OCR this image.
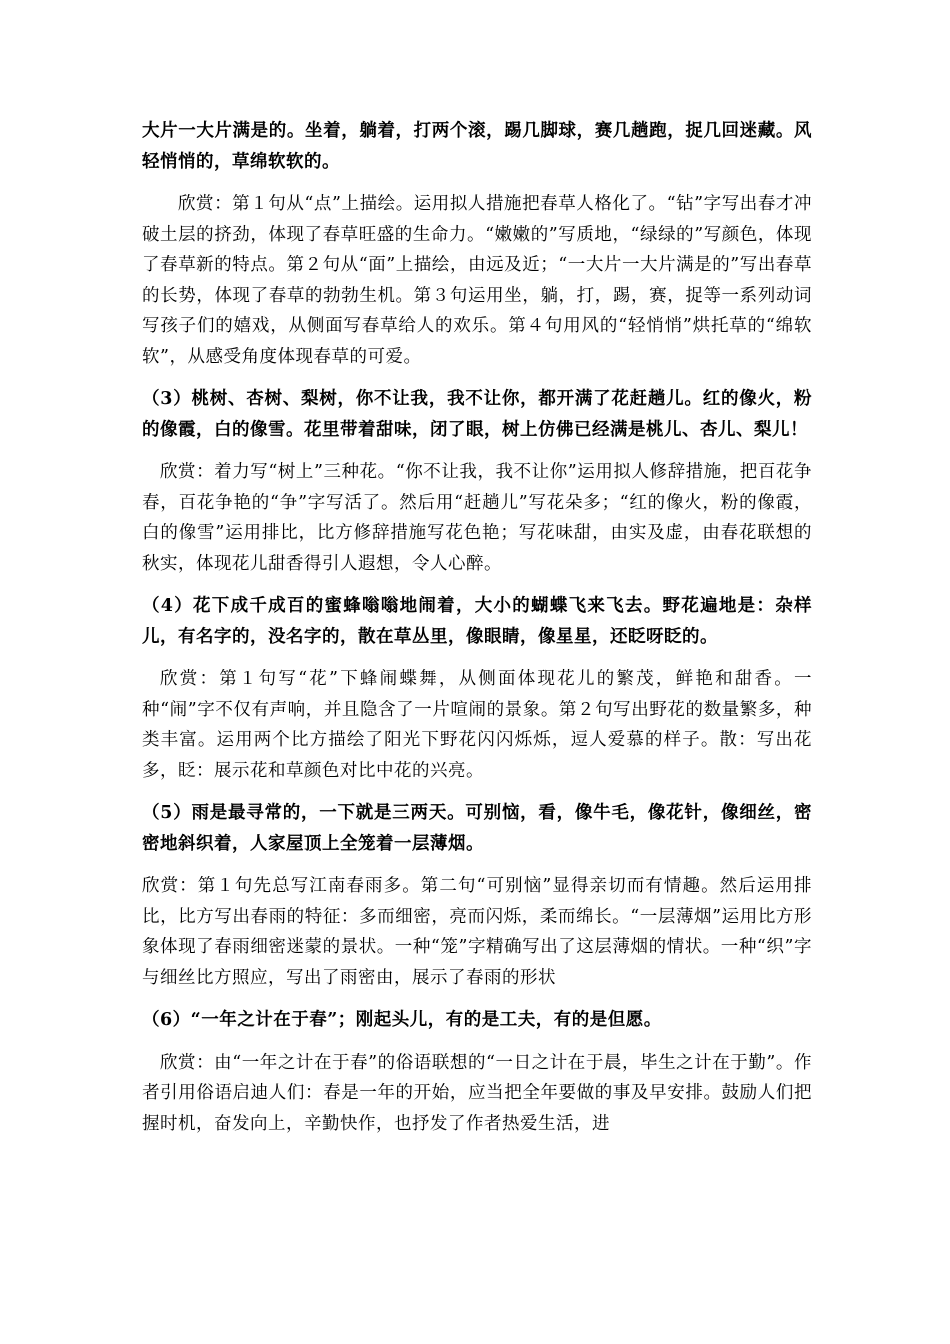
大片一大片满是的。坐着，躺着，打两个滚，踢几脚球，赛几趟跑，捉几回迷藏。风轻悄悄的，草绵软软的。

欣赏：第１句从“点”上描绘。运用拟人措施把春草人格化了。“钻”字写出春才冲破土层的挤劲，体现了春草旺盛的生命力。“嫩嫩的”写质地，“绿绿的”写颜色，体现了春草新的特点。第２句从“面”上描绘，由远及近；“一大片一大片满是的”写出春草的长势，体现了春草的勃勃生机。第３句运用坐，躺，打，踢，赛，捉等一系列动词写孩子们的嬉戏，从侧面写春草给人的欢乐。第４句用风的“轻悄悄”烘托草的“绵软软”，从感受角度体现春草的可爱。

（3）桃树、杏树、梨树，你不让我，我不让你，都开满了花赶趟儿。红的像火，粉的像霞，白的像雪。花里带着甜味，闭了眼，树上仿佛已经满是桃儿、杏儿、梨儿！

欣赏：着力写“树上”三种花。“你不让我，我不让你”运用拟人修辞措施，把百花争春，百花争艳的“争”字写活了。然后用“赶趟儿”写花朵多；“红的像火，粉的像霞，白的像雪”运用排比，比方修辞措施写花色艳；写花味甜，由实及虚，由春花联想的秋实，体现花儿甜香得引人遐想，令人心醉。

（4）花下成千成百的蜜蜂嗡嗡地闹着，大小的蝴蝶飞来飞去。野花遍地是：杂样儿，有名字的，没名字的，散在草丛里，像眼睛，像星星，还眨呀眨的。

欣赏：第１句写“花”下蜂闹蝶舞，从侧面体现花儿的繁茂，鲜艳和甜香。一种“闹”字不仅有声响，并且隐含了一片喧闹的景象。第２句写出野花的数量繁多，种类丰富。运用两个比方描绘了阳光下野花闪闪烁烁，逗人爱慕的样子。散：写出花多，眨：展示花和草颜色对比中花的兴亮。

（5）雨是最寻常的，一下就是三两天。可别恼，看，像牛毛，像花针，像细丝，密密地斜织着，人家屋顶上全笼着一层薄烟。

欣赏：第１句先总写江南春雨多。第二句“可别恼”显得亲切而有情趣。然后运用排比，比方写出春雨的特征：多而细密，亮而闪烁，柔而绵长。“一层薄烟”运用比方形象体现了春雨细密迷蒙的景状。一种“笼”字精确写出了这层薄烟的情状。一种“织”字与细丝比方照应，写出了雨密由，展示了春雨的形状

（6）“一年之计在于春”；刚起头儿，有的是工夫，有的是但愿。

欣赏：由“一年之计在于春”的俗语联想的“一日之计在于晨，毕生之计在于勤”。作者引用俗语启迪人们：春是一年的开始，应当把全年要做的事及早安排。鼓励人们把握时机，奋发向上，辛勤快作，也抒发了作者热爱生活，进
